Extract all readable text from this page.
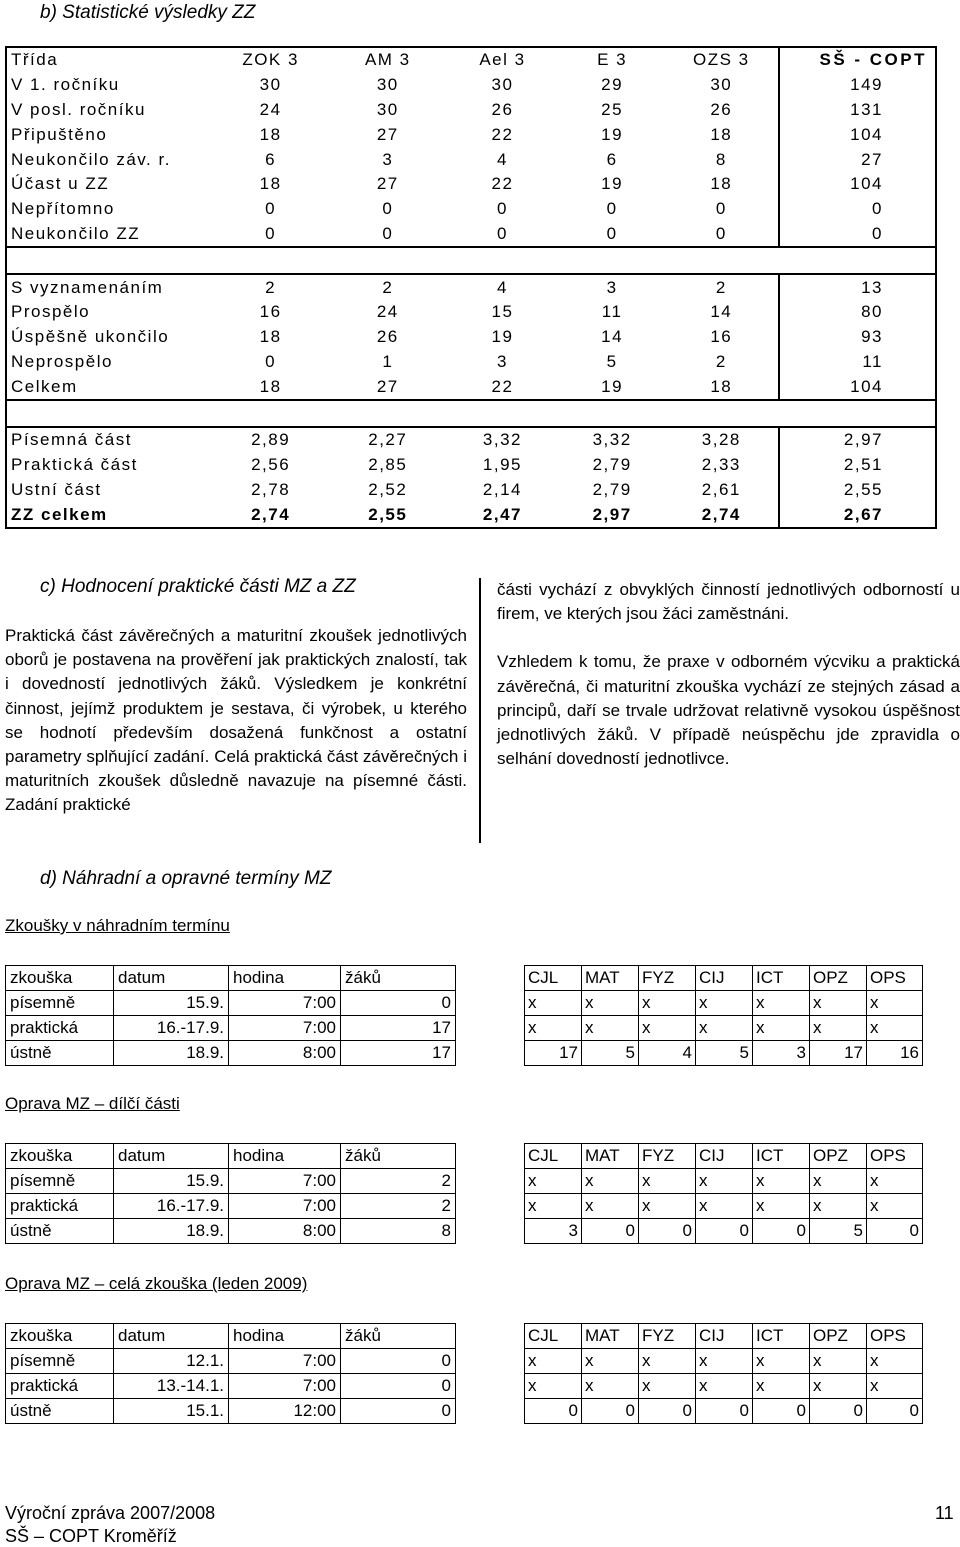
b) Statistické výsledky ZZ
Třída	ZOK 3	AM 3	Ael 3	E 3	OZS 3	SŠ - COPT
V 1. ročníku	30	30	30	29	30	149
V posl. ročníku	24	30	26	25	26	131
Připuštěno	18	27	22	19	18	104
Neukončilo záv. r.	6	3	4	6	8	27
Účast u ZZ	18	27	22	19	18	104
Nepřítomno	0	0	0	0	0	0
Neukončilo ZZ	0	0	0	0	0	0

S vyznamenáním	2	2	4	3	2	13
Prospělo	16	24	15	11	14	80
Úspěšně ukončilo	18	26	19	14	16	93
Neprospělo	0	1	3	5	2	11
Celkem	18	27	22	19	18	104

Písemná část	2,89	2,27	3,32	3,32	3,28	2,97
Praktická část	2,56	2,85	1,95	2,79	2,33	2,51
Ustní část	2,78	2,52	2,14	2,79	2,61	2,55
ZZ celkem	2,74	2,55	2,47	2,97	2,74	2,67
c) Hodnocení praktické části MZ a ZZ

Praktická část závěrečných a maturitní zkoušek jednotlivých oborů je postavena na prověření jak praktických znalostí, tak i dovedností jednotlivých žáků. Výsledkem je konkrétní činnost, jejímž produktem je sestava, či výrobek, u kterého se hodnotí především dosažená funkčnost a ostatní parametry splňující zadání. Celá praktická část závěrečných i maturitních zkoušek důsledně navazuje na písemné části. Zadání praktické

části vychází z obvyklých činností jednotlivých odborností u firem, ve kterých jsou žáci zaměstnáni.

Vzhledem k tomu, že praxe v odborném výcviku a praktická závěrečná, či maturitní zkouška vychází ze stejných zásad a principů, daří se trvale udržovat relativně vysokou úspěšnost jednotlivých žáků. V případě neúspěchu jde zpravidla o selhání dovedností jednotlivce.

d) Náhradní a opravné termíny MZ
Zkoušky v náhradním termínu
zkouška	datum	hodina	žáků
písemně	15.9.	7:00	0
praktická	16.-17.9.	7:00	17
ústně	18.9.	8:00	17
CJL	MAT	FYZ	CIJ	ICT	OPZ	OPS
x	x	x	x	x	x	x
x	x	x	x	x	x	x
17	5	4	5	3	17	16
Oprava MZ – dílčí části
zkouška	datum	hodina	žáků
písemně	15.9.	7:00	2
praktická	16.-17.9.	7:00	2
ústně	18.9.	8:00	8
CJL	MAT	FYZ	CIJ	ICT	OPZ	OPS
x	x	x	x	x	x	x
x	x	x	x	x	x	x
3	0	0	0	0	5	0
Oprava MZ – celá zkouška (leden 2009)
zkouška	datum	hodina	žáků
písemně	12.1.	7:00	0
praktická	13.-14.1.	7:00	0
ústně	15.1.	12:00	0
CJL	MAT	FYZ	CIJ	ICT	OPZ	OPS
x	x	x	x	x	x	x
x	x	x	x	x	x	x
0	0	0	0	0	0	0
Výroční zpráva 2007/2008
SŠ – COPT Kroměříž
11
